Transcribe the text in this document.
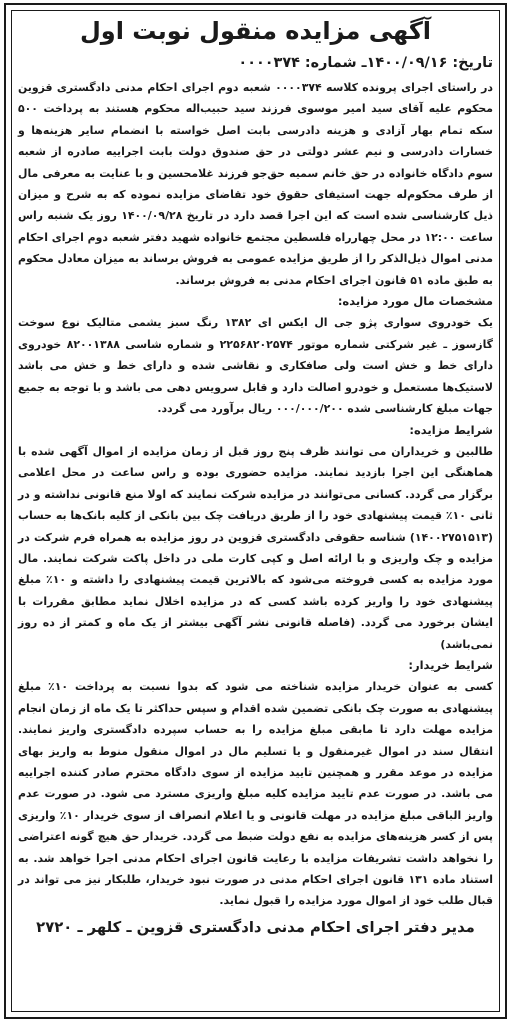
آگهی مزایده منقول نوبت اول
تاریخ: ۱۴۰۰/۰۹/۱۶ـ شماره: ۰۰۰۰۳۷۴

در راستای اجرای پرونده کلاسه ۰۰۰۰۳۷۴ شعبه دوم اجرای احکام مدنی دادگستری قزوین محکوم علیه آقای سید امیر موسوی فرزند سید حبیب‌اله محکوم هستند به پرداخت ۵۰۰ سکه تمام بهار آزادی و هزینه دادرسی بابت اصل خواسته با انضمام سایر هزینه‌ها و خسارات دادرسی و نیم عشر دولتی در حق صندوق دولت بابت اجراییه صادره از شعبه سوم دادگاه خانواده در حق خانم سمیه حق‌جو فرزند غلامحسین و با عنایت به معرفی مال از طرف محکوم‌له جهت استیفای حقوق خود تقاضای مزایده نموده که به شرح و میزان ذیل کارشناسی شده است که این اجرا قصد دارد در تاریخ ۱۴۰۰/۰۹/۲۸ روز یک شنبه راس ساعت ۱۲:۰۰ در محل چهارراه فلسطین مجتمع خانواده شهید دفتر شعبه دوم اجرای احکام مدنی اموال ذیل‌الذکر را از طریق مزایده عمومی به فروش برساند به میزان معادل محکوم به طبق ماده ۵۱ قانون اجرای احکام مدنی به فروش برساند.

مشخصات مال مورد مزایده:

یک خودروی سواری پژو جی ال ایکس ای ۱۳۸۲ رنگ سبز یشمی متالیک نوع سوخت گازسوز ـ غیر شرکتی شماره موتور ۲۲۵۶۸۲۰۲۵۷۴ و شماره شاسی ۸۲۰۰۱۳۸۸ خودروی دارای خط و خش است ولی صافکاری و نقاشی شده و دارای خط و خش می باشد لاستیک‌ها مستعمل و خودرو اصالت دارد و قابل سرویس دهی می باشد و با توجه به جمیع جهات مبلغ کارشناسی شده ۰۰۰/۰۰۰/۲۰۰ ریال برآورد می گردد.

شرایط مزایده:

طالبین و خریداران می توانند ظرف پنج روز قبل از زمان مزایده از اموال آگهی شده با هماهنگی این اجرا بازدید نمایند. مزایده حضوری بوده و راس ساعت در محل اعلامی برگزار می گردد. کسانی می‌توانند در مزایده شرکت نمایند که اولا منع قانونی نداشته و در ثانی ۱۰٪ قیمت پیشنهادی خود را از طریق دریافت چک بین بانکی از کلیه بانک‌ها به حساب (۱۴۰۰۲۷۵۱۵۱۳) شناسه حقوقی دادگستری قزوین در روز مزایده به همراه فرم شرکت در مزایده و چک واریزی و با ارائه اصل و کپی کارت ملی در داخل پاکت شرکت نمایند. مال مورد مزایده به کسی فروخته می‌شود که بالاترین قیمت پیشنهادی را داشته و ۱۰٪ مبلغ پیشنهادی خود را واریز کرده باشد کسی که در مزایده اخلال نماید مطابق مقررات با ایشان برخورد می گردد. (فاصله قانونی نشر آگهی بیشتر از یک ماه و کمتر از ده روز نمی‌باشد)

شرایط خریدار:

کسی به عنوان خریدار مزایده شناخته می شود که بدوا نسبت به پرداخت ۱۰٪ مبلغ پیشنهادی به صورت چک بانکی تضمین شده اقدام و سپس حداکثر تا یک ماه از زمان انجام مزایده مهلت دارد تا مابقی مبلغ مزایده را به حساب سپرده دادگستری واریز نمایند. انتقال سند در اموال غیرمنقول و یا تسلیم مال در اموال منقول منوط به واریز بهای مزایده در موعد مقرر و همچنین تایید مزایده از سوی دادگاه محترم صادر کننده اجراییه می باشد. در صورت عدم تایید مزایده کلیه مبلغ واریزی مسترد می شود. در صورت عدم واریز الباقی مبلغ مزایده در مهلت قانونی و یا اعلام انصراف از سوی خریدار ۱۰٪ واریزی پس از کسر هزینه‌های مزایده به نفع دولت ضبط می گردد. خریدار حق هیچ گونه اعتراضی را نخواهد داشت تشریفات مزایده با رعایت قانون اجرای احکام مدنی اجرا خواهد شد. به استناد ماده ۱۳۱ قانون اجرای احکام مدنی در صورت نبود خریدار، طلبکار نیز می تواند در قبال طلب خود از اموال مورد مزایده را قبول نماید.

مدیر دفتر اجرای احکام مدنی دادگستری قزوین ـ کلهر ـ ۲۷۲۰
